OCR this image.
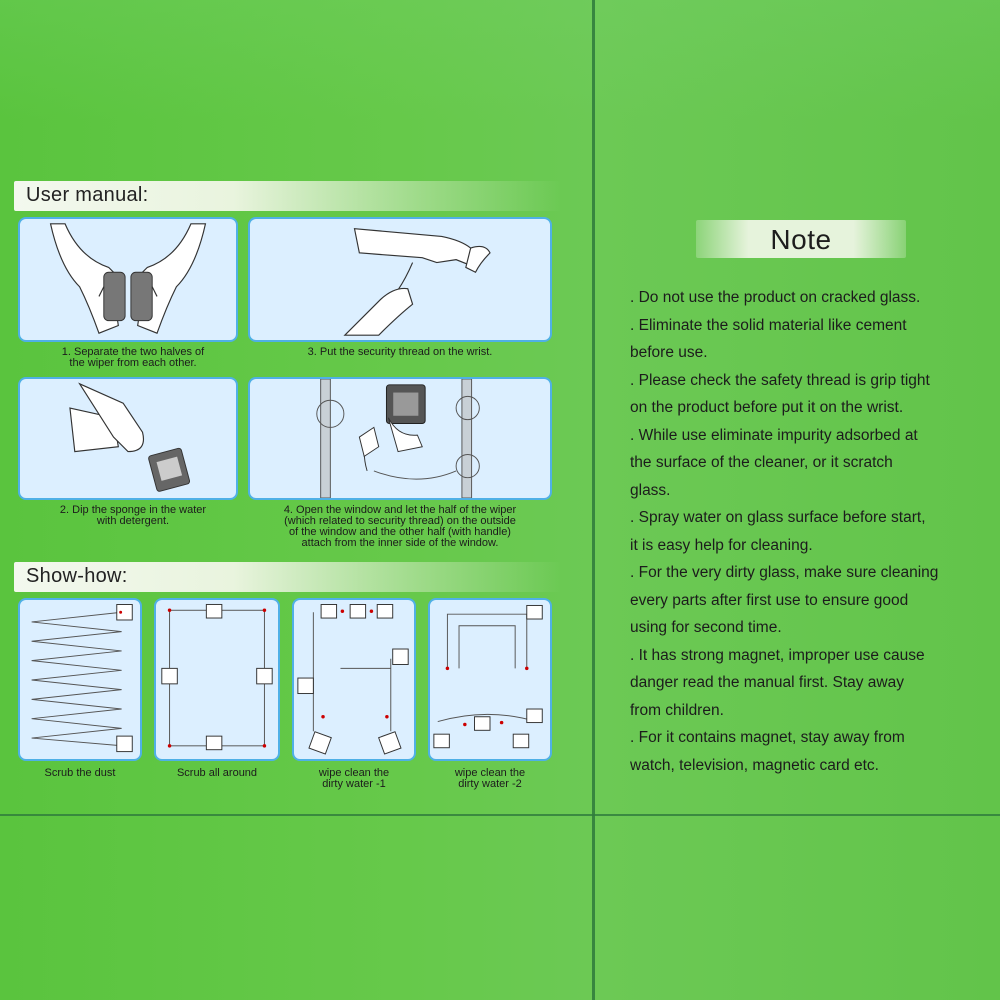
User manual:
1. Separate the two halves of
the wiper from each other.
3. Put the security thread on the wrist.
2. Dip the sponge in the water
with detergent.
4. Open the window and let the half of the wiper
(which related to security thread) on the outside
of the window and the other half (with handle)
attach from the inner side of the window.
Show-how:
Scrub the dust	Scrub all around	wipe clean the
dirty water -1
wipe clean the
dirty water -2
Note
. Do not use the product on cracked glass.
. Eliminate the solid material like cement
before use.
. Please check the safety thread is grip tight
on the product before put it on the wrist.
. While use eliminate impurity adsorbed at
the surface of the cleaner, or it scratch
glass.
. Spray water on glass surface before start,
it is easy help for cleaning.
. For the very dirty glass, make sure cleaning
every parts after first use to ensure good
using for second time.
. It has strong magnet, improper use cause
danger read the manual first. Stay away
from children.
. For it contains magnet, stay away from
watch, television, magnetic card etc.
